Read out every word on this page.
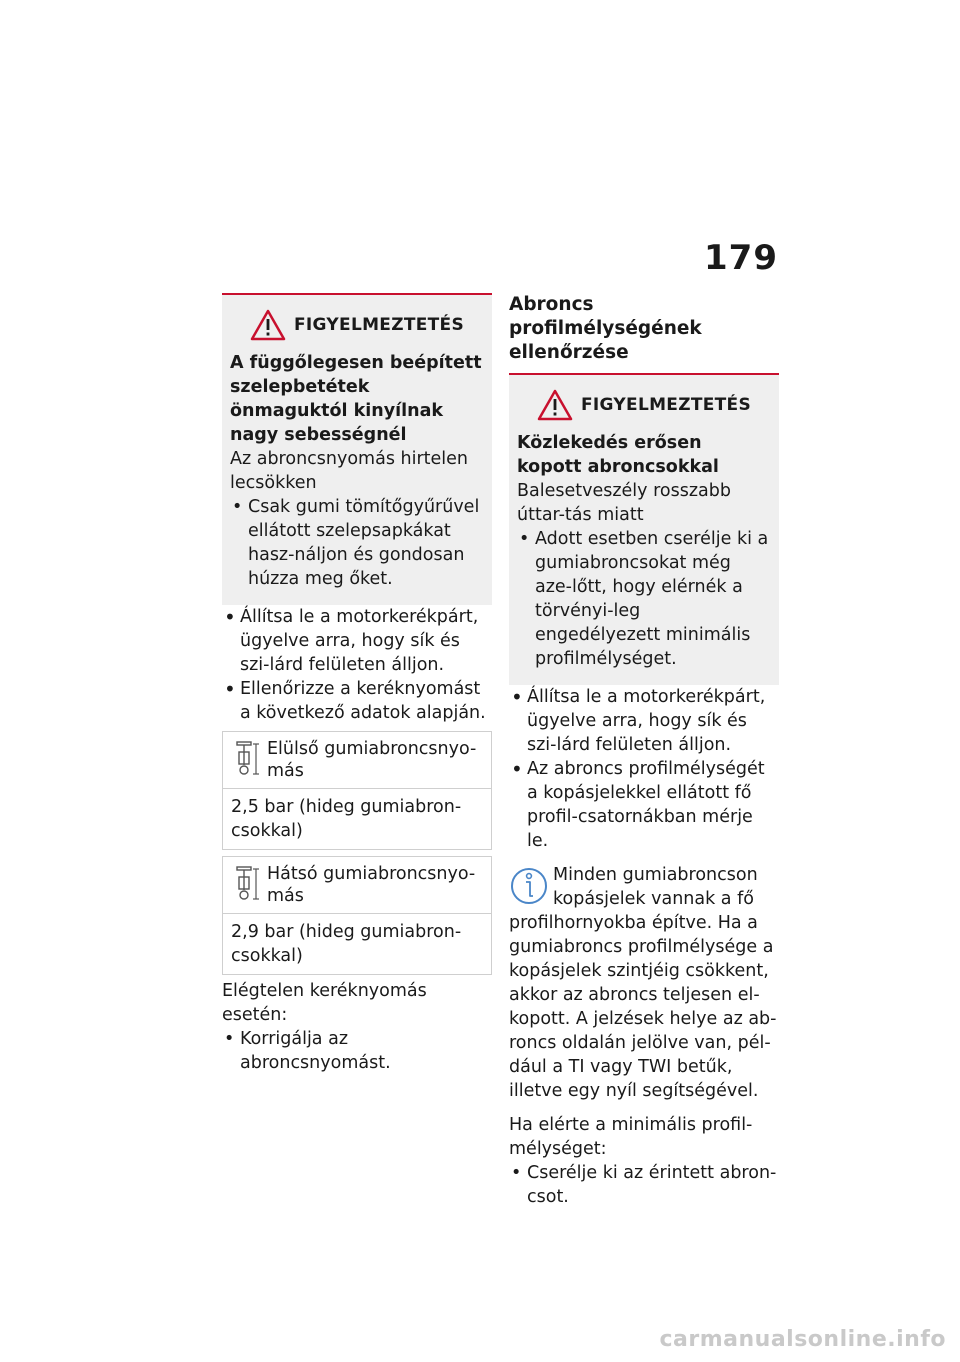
179
FIGYELMEZTETÉS
A függőlegesen beépített szelepbetétek önmaguktól kinyílnak nagy sebességnél
Az abroncsnyomás hirtelen lecsökken
• Csak gumi tömítőgyűrűvel ellátott szelepsapkákat hasz-náljon és gondosan húzza meg őket.
• Állítsa le a motorkerékpárt, ügyelve arra, hogy sík és szi-lárd felületen álljon.
• Ellenőrizze a keréknyomást a következő adatok alapján.
Elülső gumiabroncsnyo-más
2,5 bar (hideg gumiabron-csokkal)
Hátsó gumiabroncsnyo-más
2,9 bar (hideg gumiabron-csokkal)
Elégtelen keréknyomás esetén:
• Korrigálja az abroncsnyomást.
Abroncs profilmélységének ellenőrzése
FIGYELMEZTETÉS
Közlekedés erősen kopott abroncsokkal
Balesetveszély rosszabb úttar-tás miatt
• Adott esetben cserélje ki a gumiabroncsokat még aze-lőtt, hogy elérnék a törvényi-leg engedélyezett minimális profilmélységet.
• Állítsa le a motorkerékpárt, ügyelve arra, hogy sík és szi-lárd felületen álljon.
• Az abroncs profilmélységét a kopásjelekkel ellátott fő profil-csatornákban mérje le.
Minden gumiabroncson kopásjelek vannak a fő profilhornyokba építve. Ha a gumiabroncs profilmélysége a kopásjelek szintjéig csökkent, akkor az abroncs teljesen el-kopott. A jelzések helye az ab-roncs oldalán jelölve van, pél-dául a TI vagy TWI betűk, illetve egy nyíl segítségével.
Ha elérte a minimális profil-mélységet:
• Cserélje ki az érintett abron-csot.
carmanualsonline.info
